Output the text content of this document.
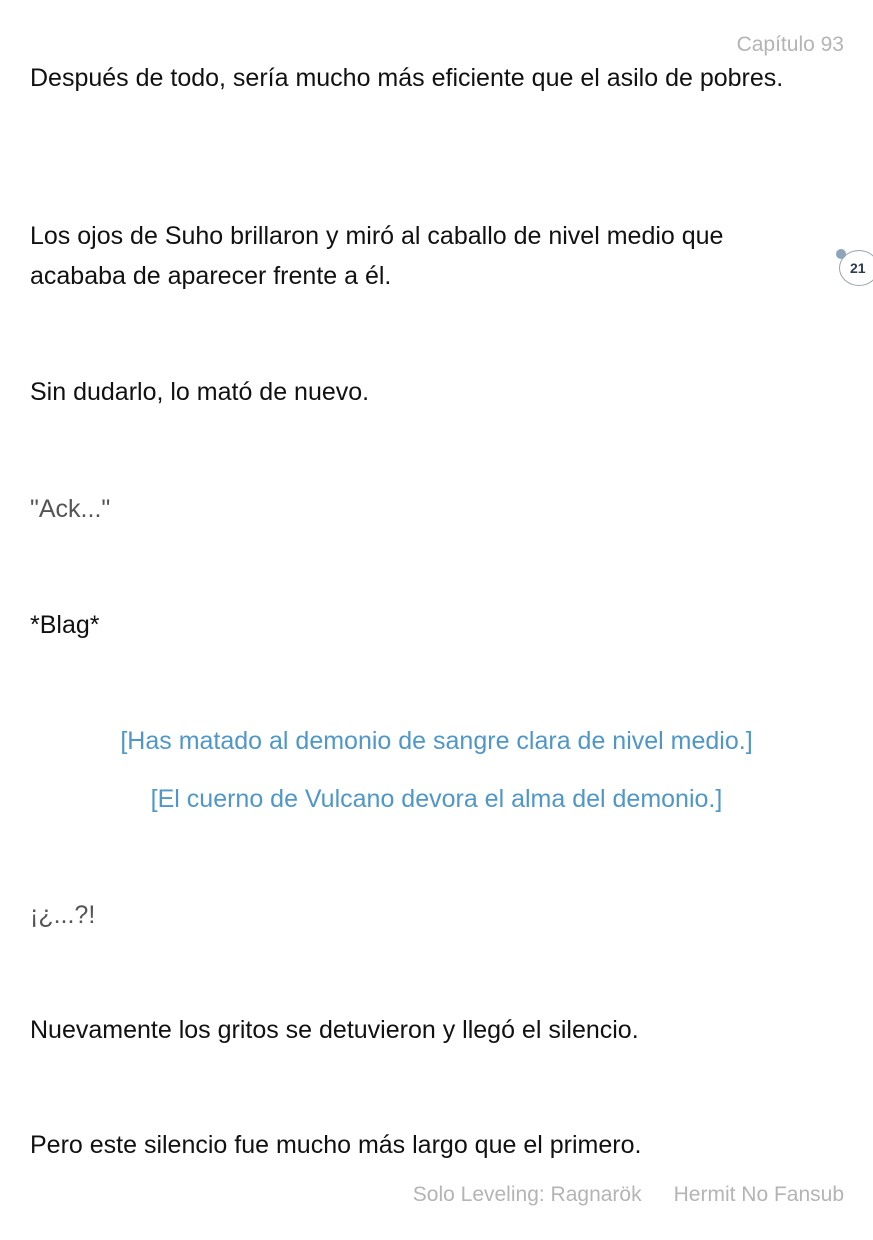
Capítulo 93

Después de todo, sería mucho más eficiente que el asilo de pobres.

Los ojos de Suho brillaron y miró al caballo de nivel medio que acababa de aparecer frente a él.

Sin dudarlo, lo mató de nuevo.

"Ack..."

*Blag*

[Has matado al demonio de sangre clara de nivel medio.]

[El cuerno de Vulcano devora el alma del demonio.]

¡¿...?!

Nuevamente los gritos se detuvieron y llegó el silencio.

Pero este silencio fue mucho más largo que el primero.

21
Solo Leveling: Ragnarök Hermit No Fansub
